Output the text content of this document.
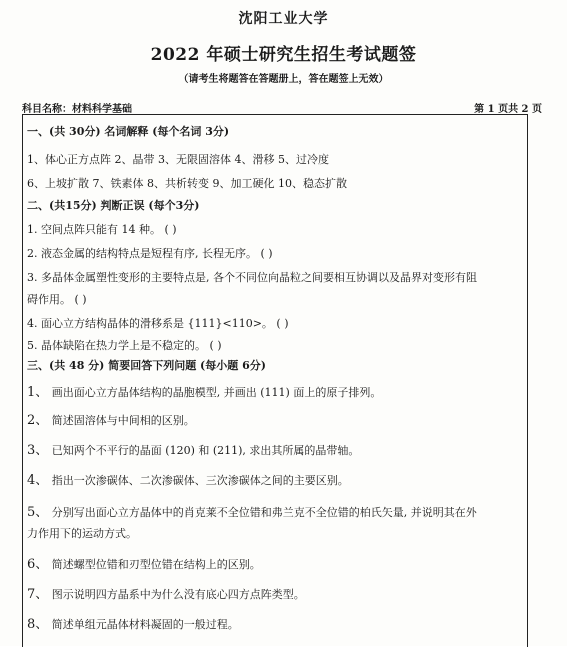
沈阳工业大学
2022 年硕士研究生招生考试题签
（请考生将题答在答题册上，答在题签上无效）
科目名称：材料科学基础	第 1 页共 2 页
一、(共 30分) 名词解释 (每个名词 3分)
1、体心正方点阵 2、晶带 3、无限固溶体 4、滑移 5、过冷度
6、上坡扩散 7、铁素体 8、共析转变 9、加工硬化 10、稳态扩散
二、(共15分) 判断正误 (每个3分)
1. 空间点阵只能有 14 种。 ( )
2. 液态金属的结构特点是短程有序, 长程无序。 ( )
3. 多晶体金属塑性变形的主要特点是, 各个不同位向晶粒之间要相互协调以及晶界对变形有阻
碍作用。 ( )
4. 面心立方结构晶体的滑移系是 {111}<110>。 ( )
5. 晶体缺陷在热力学上是不稳定的。 ( )
三、(共 48 分) 简要回答下列问题 (每小题 6分)
1、 画出面心立方晶体结构的晶胞模型, 并画出 (111) 面上的原子排列。
2、 简述固溶体与中间相的区别。
3、 已知两个不平行的晶面 (120) 和 (211), 求出其所属的晶带轴。
4、 指出一次渗碳体、二次渗碳体、三次渗碳体之间的主要区别。
5、 分别写出面心立方晶体中的肖克莱不全位错和弗兰克不全位错的柏氏矢量, 并说明其在外
力作用下的运动方式。
6、 简述螺型位错和刃型位错在结构上的区别。
7、 图示说明四方晶系中为什么没有底心四方点阵类型。
8、 简述单组元晶体材料凝固的一般过程。
